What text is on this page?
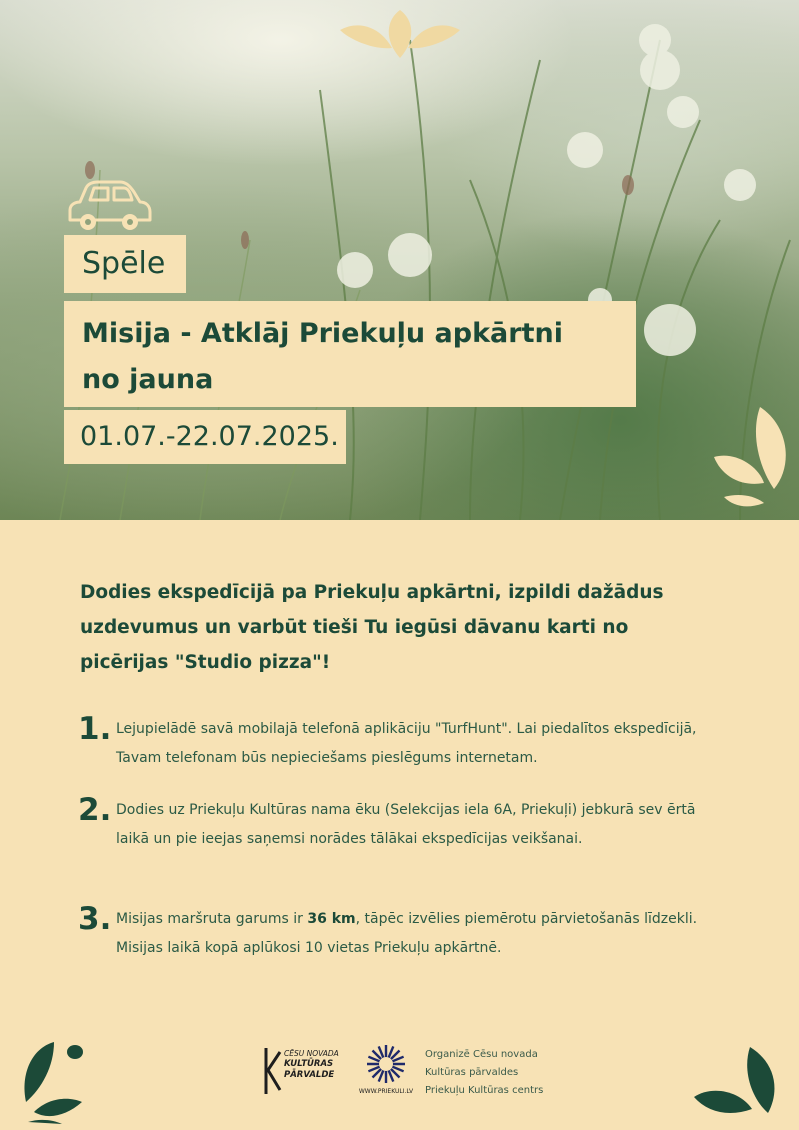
Spēle
Misija - Atklāj Priekuļu apkārtni
no jauna
01.07.-22.07.2025.

Dodies ekspedīcijā pa Priekuļu apkārtni, izpildi dažādus uzdevumus un varbūt tieši Tu iegūsi dāvanu karti no picērijas "Studio pizza"!

1. Lejupielādē savā mobilajā telefonā aplikāciju "TurfHunt". Lai piedalītos ekspedīcijā, Tavam telefonam būs nepieciešams pieslēgums internetam.
2. Dodies uz Priekuļu Kultūras nama ēku (Selekcijas iela 6A, Priekuļi) jebkurā sev ērtā laikā un pie ieejas saņemsi norādes tālākai ekspedīcijas veikšanai.
3. Misijas maršruta garums ir 36 km, tāpēc izvēlies piemērotu pārvietošanās līdzekli. Misijas laikā kopā aplūkosi 10 vietas Priekuļu apkārtnē.
CĒSU NOVADA
KULTŪRAS
PĀRVALDE
WWW.PRIEKULI.LV
Organizē Cēsu novada
Kultūras pārvaldes
Priekuļu Kultūras centrs
